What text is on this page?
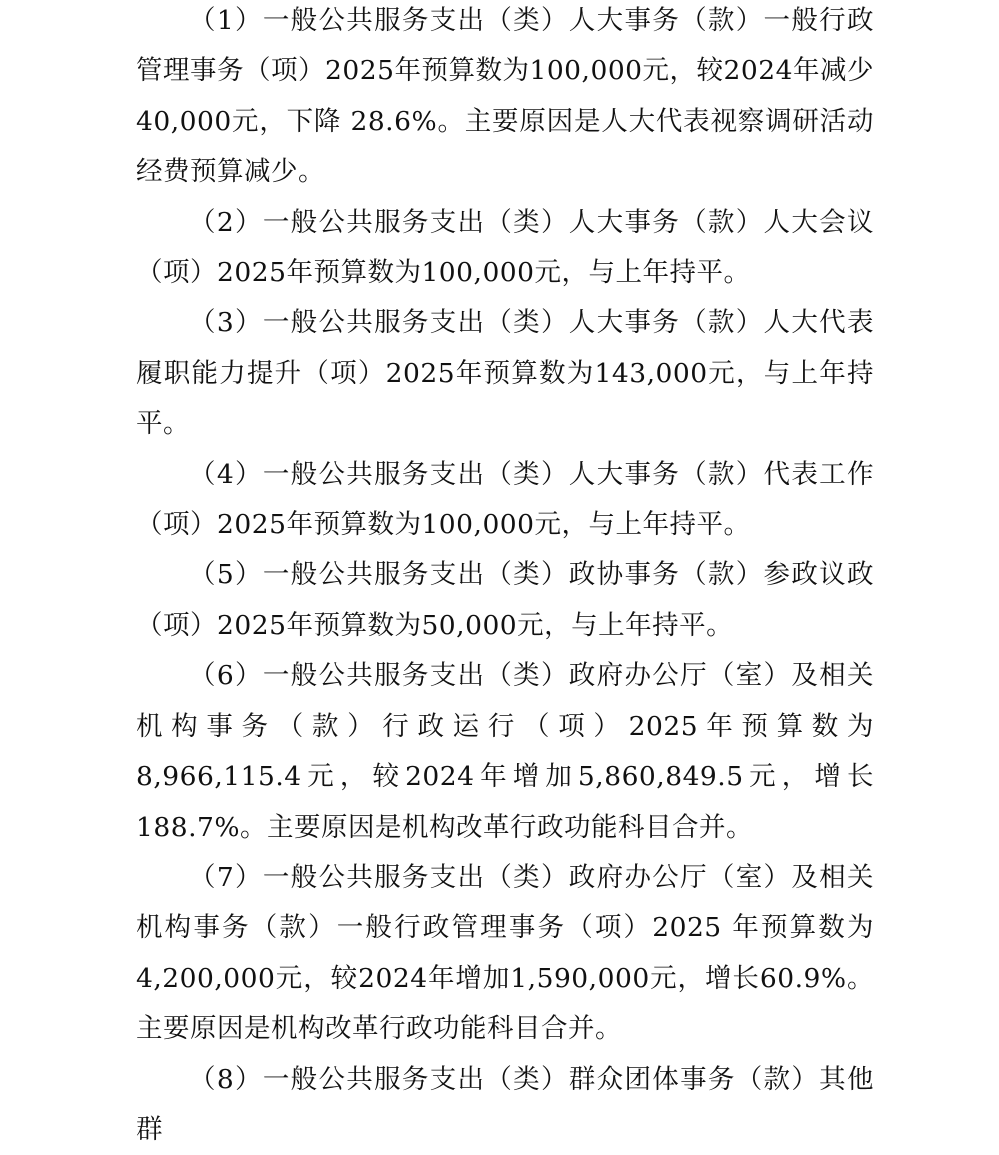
（1）一般公共服务支出（类）人大事务（款）一般行政管理事务（项）2025年预算数为100,000元，较2024年减少40,000元，下降 28.6%。主要原因是人大代表视察调研活动经费预算减少。

（2）一般公共服务支出（类）人大事务（款）人大会议（项）2025年预算数为100,000元，与上年持平。

（3）一般公共服务支出（类）人大事务（款）人大代表履职能力提升（项）2025年预算数为143,000元，与上年持平。

（4）一般公共服务支出（类）人大事务（款）代表工作（项）2025年预算数为100,000元，与上年持平。

（5）一般公共服务支出（类）政协事务（款）参政议政（项）2025年预算数为50,000元，与上年持平。

（6）一般公共服务支出（类）政府办公厅（室）及相关机构事务（款）行政运行（项）2025年预算数为 8,966,115.4元，较2024年增加5,860,849.5元，增长188.7%。主要原因是机构改革行政功能科目合并。

（7）一般公共服务支出（类）政府办公厅（室）及相关机构事务（款）一般行政管理事务（项）2025 年预算数为4,200,000元，较2024年增加1,590,000元，增长60.9%。主要原因是机构改革行政功能科目合并。

（8）一般公共服务支出（类）群众团体事务（款）其他群
